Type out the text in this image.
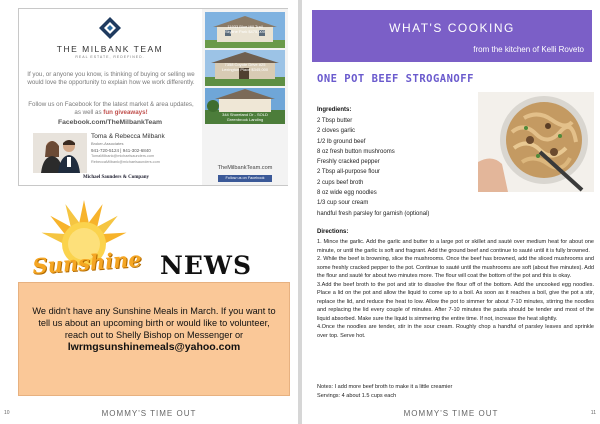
THE MILBANK TEAM
REAL ESTATE, REDEFINED.
If you, or anyone you know, is thinking of buying or selling we would love the opportunity to explain how we work differently.
Follow us on Facebook for the latest market & area updates, as well as fun giveaways!
Facebook.com/TheMilbankTeam
Toma & Rebecca Milbank
Broker-Associates
941-720-5124 | 941-302-6840
TomaMilbank@michaelsaunders.com
RebeccaMilbank@michaelsaunders.com
Michael Saunders & Company
11933 Blue Hill Trail
Skyline Park $475,000
7358 Coyote Drive #25
Lexington Place $345,000
344 Shoreland Dr - SOLD
Greenbrook Landing
TheMilbankTeam.com
Follow us on Facebook
Sunshine NEWS
We didn't have any Sunshine Meals in March. If you want to tell us about an upcoming birth or would like to volunteer, reach out to Shelly Bishop on Messenger or
lwrmgsunshinemeals@yahoo.com
10	MOMMY'S TIME OUT
WHAT'S COOKING
from the kitchen of Kelli Roveto
ONE POT BEEF STROGANOFF
Ingredients:
2 Tbsp butter
2 cloves garlic
1/2 lb ground beef
8 oz fresh button mushrooms
Freshly cracked pepper
2 Tbsp all-purpose flour
2 cups beef broth
8 oz wide egg noodles
1/3 cup sour cream
handful fresh parsley for garnish (optional)
Directions:

1. Mince the garlic. Add the garlic and butter to a large pot or skillet and sauté over medium heat for about one minute, or until the garlic is soft and fragrant. Add the ground beef and continue to sauté until it is fully browned.

2. While the beef is browning, slice the mushrooms. Once the beef has browned, add the sliced mushrooms and some freshly cracked pepper to the pot. Continue to sauté until the mushrooms are soft (about five minutes). Add the flour and sauté for about two minutes more. The flour will coat the bottom of the pot and this is okay.

3.Add the beef broth to the pot and stir to dissolve the flour off of the bottom. Add the uncooked egg noodles. Place a lid on the pot and allow the liquid to come up to a boil. As soon as it reaches a boil, give the pot a stir, replace the lid, and reduce the heat to low. Allow the pot to simmer for about 7-10 minutes, stirring the noodles and replacing the lid every couple of minutes. After 7-10 minutes the pasta should be tender and most of the liquid absorbed. Make sure the liquid is simmering the entire time. If not, increase the heat slightly.

4.Once the noodles are tender, stir in the sour cream. Roughly chop a handful of parsley leaves and sprinkle over top. Serve hot.

Notes: I add more beef broth to make it a little creamier

Servings: 4 about 1.5 cups each

MOMMY'S TIME OUT	11
